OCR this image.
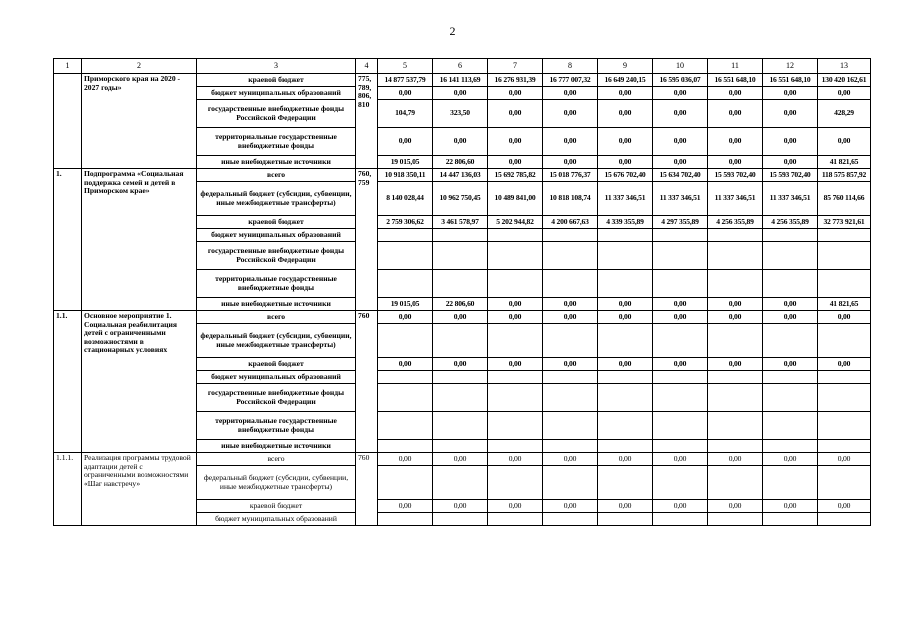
2
1	2	3	4	5	6	7	8	9	10	11	12	13
	Приморского края на 2020 - 2027 годы»	краевой бюджет	775,
789,
806,
810	14 877 537,79	16 141 113,69	16 276 931,39	16 777 007,32	16 649 240,15	16 595 036,07	16 551 648,10	16 551 648,10	130 420 162,61
		бюджет муниципальных образований		0,00	0,00	0,00	0,00	0,00	0,00	0,00	0,00	0,00
		государственные внебюджетные фонды Российской Федерации		104,79	323,50	0,00	0,00	0,00	0,00	0,00	0,00	428,29
		территориальные государственные внебюджетные фонды		0,00	0,00	0,00	0,00	0,00	0,00	0,00	0,00	0,00
		иные внебюджетные источники		19 015,05	22 806,60	0,00	0,00	0,00	0,00	0,00	0,00	41 821,65
1.	Подпрограмма «Социальная поддержка семей и детей в Приморском крае»	всего	760,
759	10 918 350,11	14 447 136,03	15 692 785,82	15 018 776,37	15 676 702,40	15 634 702,40	15 593 702,40	15 593 702,40	118 575 857,92
		федеральный бюджет (субсидии, субвенции, иные межбюджетные трансферты)		8 140 028,44	10 962 750,45	10 489 841,00	10 818 108,74	11 337 346,51	11 337 346,51	11 337 346,51	11 337 346,51	85 760 114,66
		краевой бюджет		2 759 306,62	3 461 578,97	5 202 944,82	4 200 667,63	4 339 355,89	4 297 355,89	4 256 355,89	4 256 355,89	32 773 921,61
		бюджет муниципальных образований										
		государственные внебюджетные фонды Российской Федерации										
		территориальные государственные внебюджетные фонды										
		иные внебюджетные источники		19 015,05	22 806,60	0,00	0,00	0,00	0,00	0,00	0,00	41 821,65
1.1.	Основное мероприятие 1. Социальная реабилитация детей с ограниченными возможностями в стационарных условиях	всего	760	0,00	0,00	0,00	0,00	0,00	0,00	0,00	0,00	0,00
		федеральный бюджет (субсидии, субвенции, иные межбюджетные трансферты)										
		краевой бюджет		0,00	0,00	0,00	0,00	0,00	0,00	0,00	0,00	0,00
		бюджет муниципальных образований										
		государственные внебюджетные фонды Российской Федерации										
		территориальные государственные внебюджетные фонды										
		иные внебюджетные источники										
1.1.1.	Реализация программы трудовой адаптации детей с ограниченными возможностями «Шаг навстречу»	всего	760	0,00	0,00	0,00	0,00	0,00	0,00	0,00	0,00	0,00
		федеральный бюджет (субсидии, субвенции, иные межбюджетные трансферты)										
		краевой бюджет		0,00	0,00	0,00	0,00	0,00	0,00	0,00	0,00	0,00
		бюджет муниципальных образований										
